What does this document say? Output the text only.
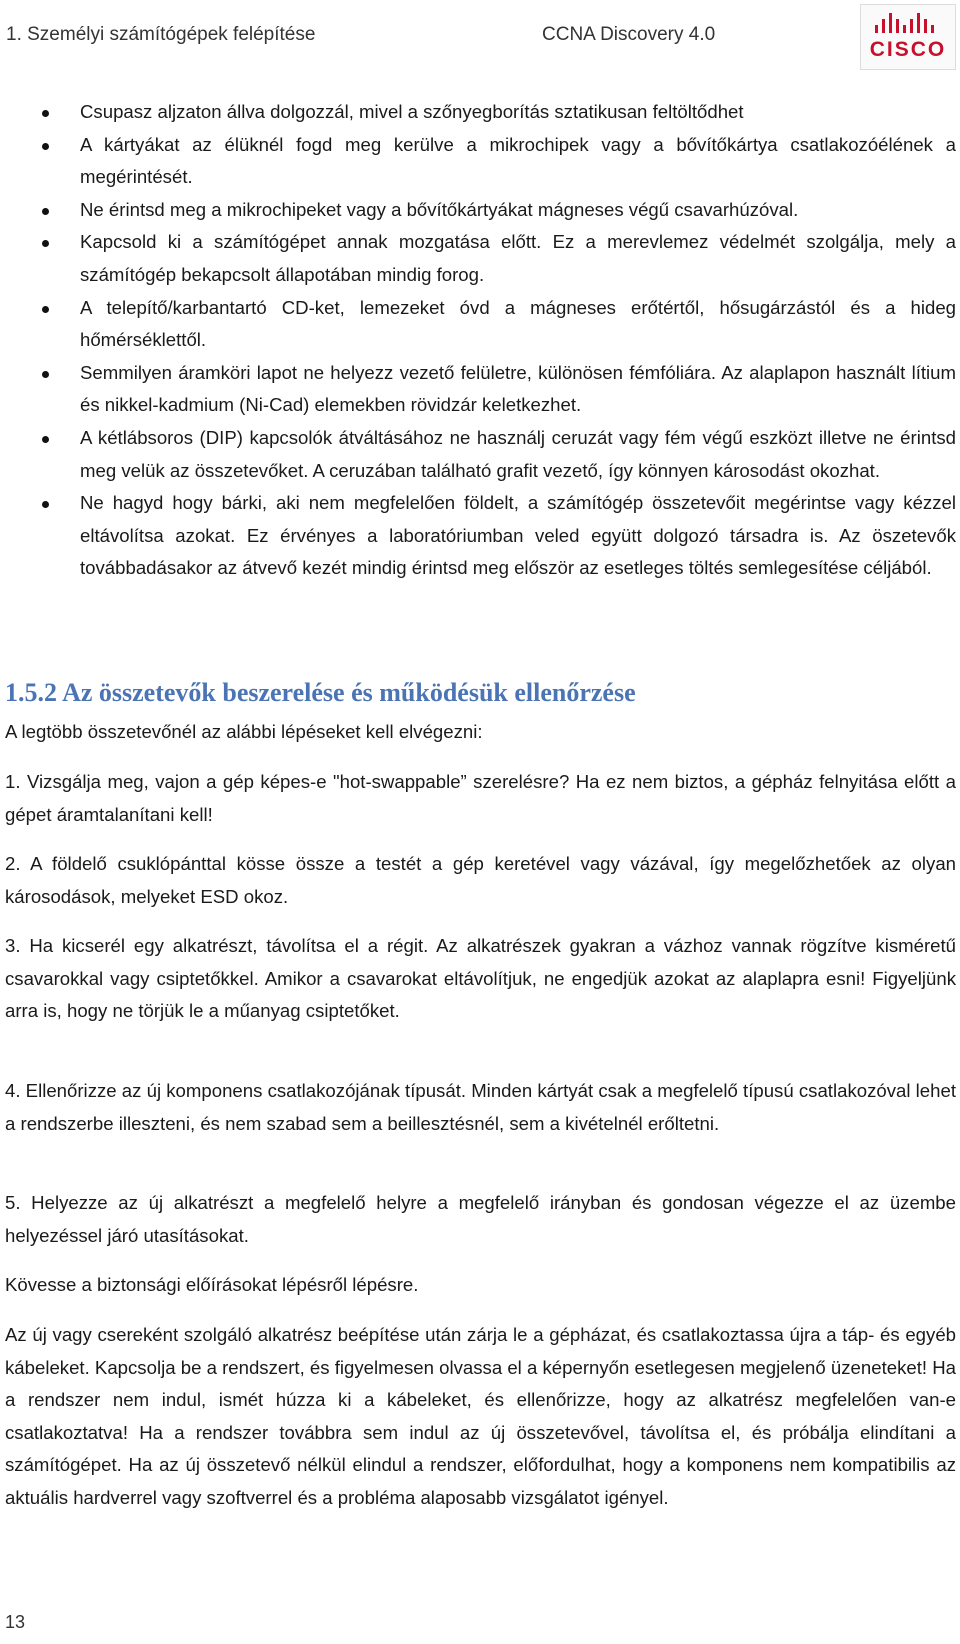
1. Személyi számítógépek felépítése	CCNA Discovery 4.0
CISCO
Csupasz aljzaton állva dolgozzál, mivel a szőnyegborítás sztatikusan feltöltődhet
A kártyákat az élüknél fogd meg kerülve a mikrochipek vagy a bővítőkártya csatlakozóélének a megérintését.
Ne érintsd meg a mikrochipeket vagy a bővítőkártyákat mágneses végű csavarhúzóval.
Kapcsold ki a számítógépet annak mozgatása előtt. Ez a merevlemez védelmét szolgálja, mely a számítógép bekapcsolt állapotában mindig forog.
A telepítő/karbantartó CD-ket, lemezeket óvd a mágneses erőtértől, hősugárzástól és a hideg hőmérséklettől.
Semmilyen áramköri lapot ne helyezz vezető felületre, különösen fémfóliára. Az alaplapon használt lítium és nikkel-kadmium (Ni-Cad) elemekben rövidzár keletkezhet.
A kétlábsoros (DIP) kapcsolók átváltásához ne használj ceruzát vagy fém végű eszközt illetve ne érintsd meg velük az összetevőket. A ceruzában található grafit vezető, így könnyen károsodást okozhat.
Ne hagyd hogy bárki, aki nem megfelelően földelt, a számítógép összetevőit megérintse vagy kézzel eltávolítsa azokat. Ez érvényes a laboratóriumban veled együtt dolgozó társadra is. Az öszetevők továbbadásakor az átvevő kezét mindig érintsd meg először az esetleges töltés semlegesítése céljából.
1.5.2 Az összetevők beszerelése és működésük ellenőrzése

A legtöbb összetevőnél az alábbi lépéseket kell elvégezni:

1. Vizsgálja meg, vajon a gép képes-e "hot-swappable” szerelésre? Ha ez nem biztos, a gépház felnyitása előtt a gépet áramtalanítani kell!

2. A földelő csuklópánttal kösse össze a testét a gép keretével vagy vázával, így megelőzhetőek az olyan károsodások, melyeket ESD okoz.

3. Ha kicserél egy alkatrészt, távolítsa el a régit. Az alkatrészek gyakran a vázhoz vannak rögzítve kisméretű csavarokkal vagy csiptetőkkel. Amikor a csavarokat eltávolítjuk, ne engedjük azokat az alaplapra esni! Figyeljünk arra is, hogy ne törjük le a műanyag csiptetőket.

4. Ellenőrizze az új komponens csatlakozójának típusát. Minden kártyát csak a megfelelő típusú csatlakozóval lehet a rendszerbe illeszteni, és nem szabad sem a beillesztésnél, sem a kivételnél erőltetni.

5. Helyezze az új alkatrészt a megfelelő helyre a megfelelő irányban és gondosan végezze el az üzembe helyezéssel járó utasításokat.

Kövesse a biztonsági előírásokat lépésről lépésre.

Az új vagy csereként szolgáló alkatrész beépítése után zárja le a gépházat, és csatlakoztassa újra a táp- és egyéb kábeleket. Kapcsolja be a rendszert, és figyelmesen olvassa el a képernyőn esetlegesen megjelenő üzeneteket! Ha a rendszer nem indul, ismét húzza ki a kábeleket, és ellenőrizze, hogy az alkatrész megfelelően van-e csatlakoztatva! Ha a rendszer továbbra sem indul az új összetevővel, távolítsa el, és próbálja elindítani a számítógépet. Ha az új összetevő nélkül elindul a rendszer, előfordulhat, hogy a komponens nem kompatibilis az aktuális hardverrel vagy szoftverrel és a probléma alaposabb vizsgálatot igényel.

13
